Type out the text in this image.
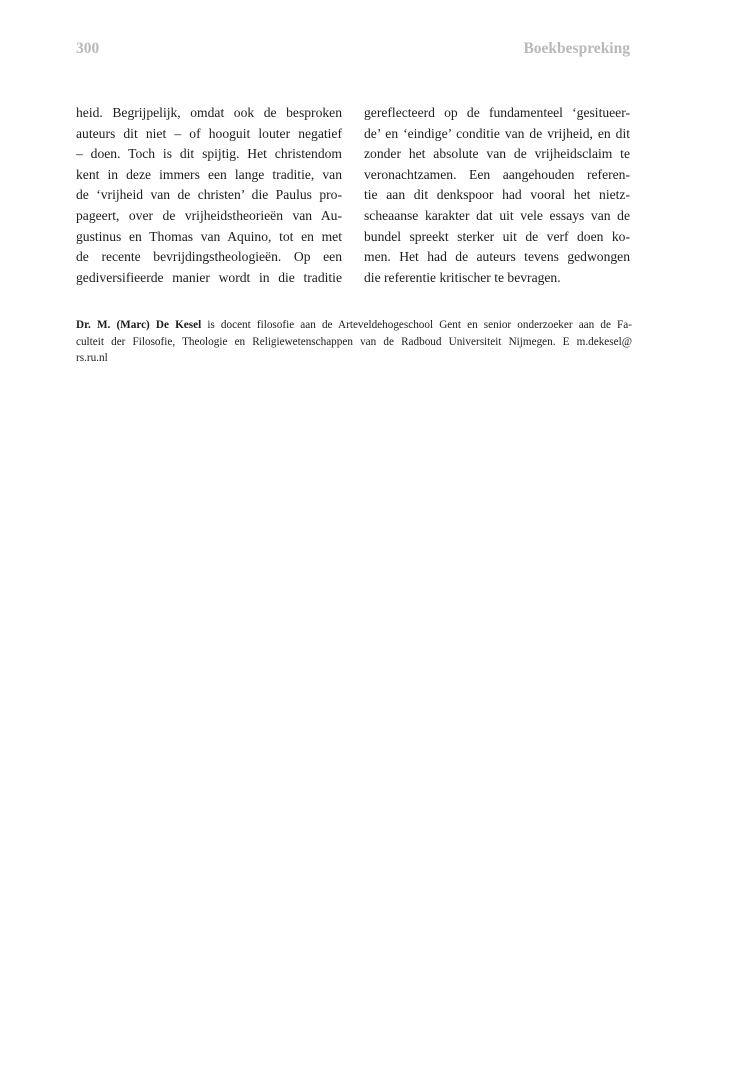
300	Boekbespreking
heid. Begrijpelijk, omdat ook de besproken
auteurs dit niet – of hooguit louter negatief
– doen. Toch is dit spijtig. Het christendom
kent in deze immers een lange traditie, van
de ‘vrijheid van de christen’ die Paulus pro-
pageert, over de vrijheidstheorieën van Au-
gustinus en Thomas van Aquino, tot en met
de recente bevrijdingstheologieën. Op een
gediversifieerde manier wordt in die traditie
gereflecteerd op de fundamenteel ‘gesitueer-
de’ en ‘eindige’ conditie van de vrijheid, en dit
zonder het absolute van de vrijheidsclaim te
veronachtzamen. Een aangehouden referen-
tie aan dit denkspoor had vooral het nietz-
scheaanse karakter dat uit vele essays van de
bundel spreekt sterker uit de verf doen ko-
men. Het had de auteurs tevens gedwongen
die referentie kritischer te bevragen.
Dr. M. (Marc) De Kesel is docent filosofie aan de Arteveldehogeschool Gent en senior onderzoeker aan de Fa-
culteit der Filosofie, Theologie en Religiewetenschappen van de Radboud Universiteit Nijmegen. E m.dekesel@
rs.ru.nl
